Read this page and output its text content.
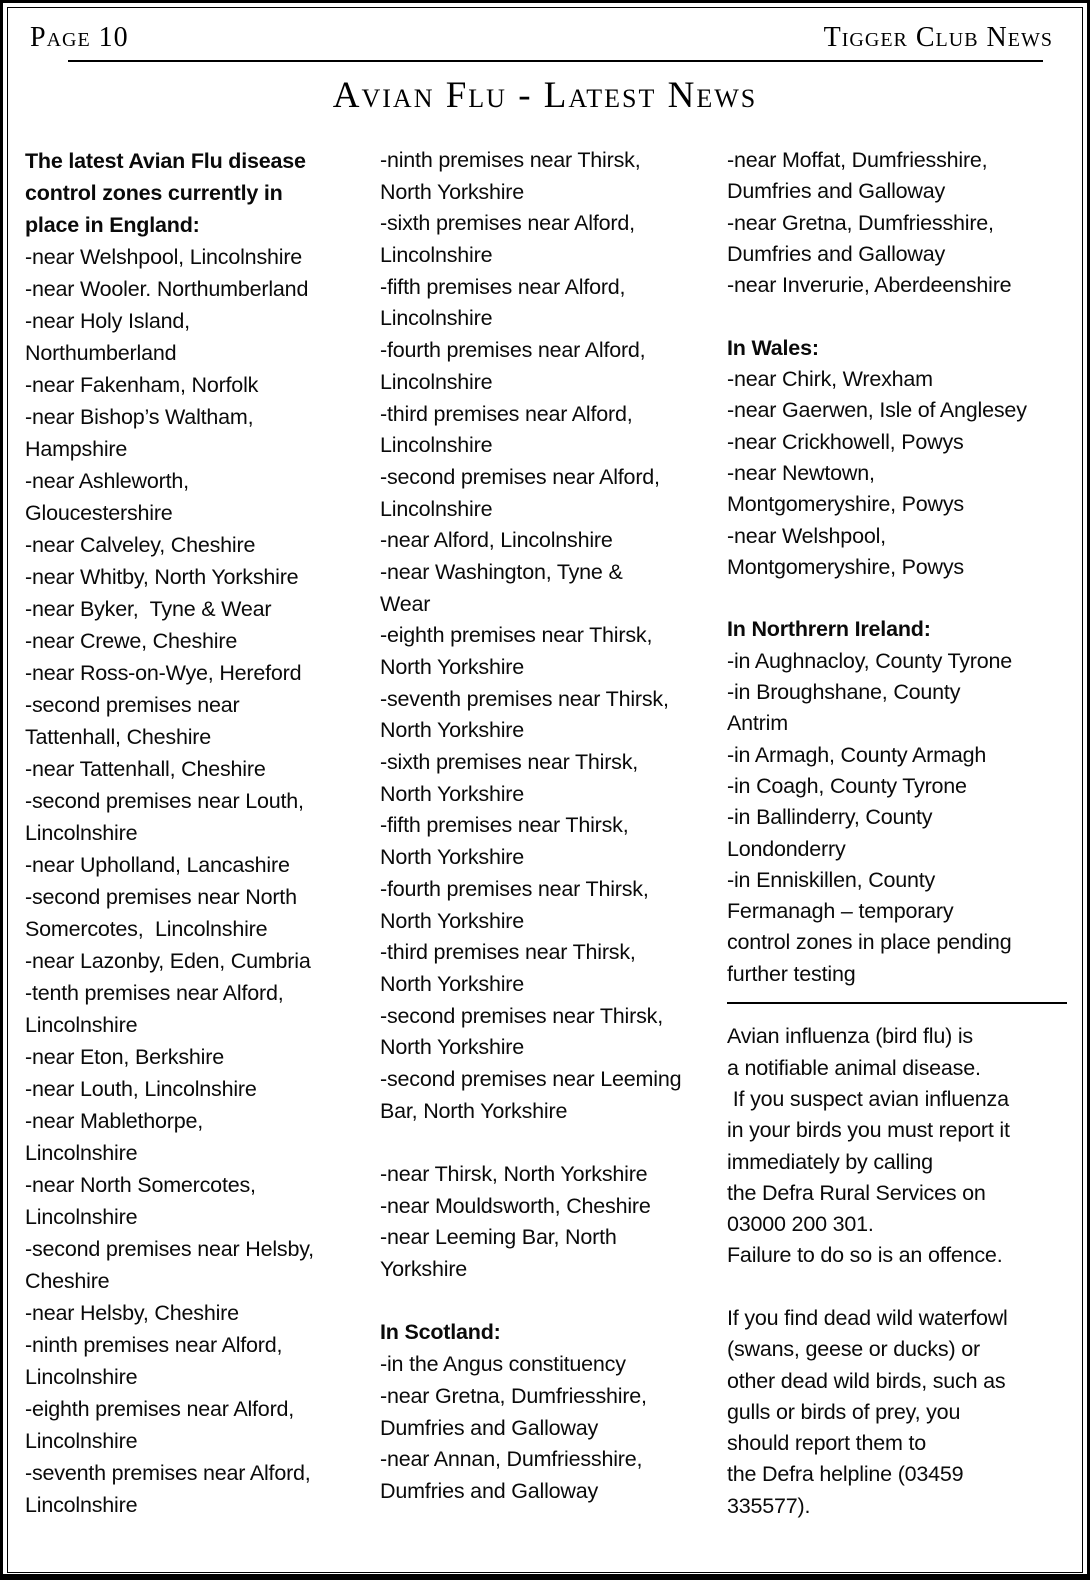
Page 10	Tigger Club News
Avian Flu - Latest News
The latest Avian Flu disease
control zones currently in
place in England:
-near Welshpool, Lincolnshire
-near Wooler. Northumberland
-near Holy Island,
Northumberland
-near Fakenham, Norfolk
-near Bishop’s Waltham,
Hampshire
-near Ashleworth,
Gloucestershire
-near Calveley, Cheshire
-near Whitby, North Yorkshire
-near Byker,  Tyne & Wear
-near Crewe, Cheshire
-near Ross-on-Wye, Hereford
-second premises near
Tattenhall, Cheshire
-near Tattenhall, Cheshire
-second premises near Louth,
Lincolnshire
-near Upholland, Lancashire
-second premises near North
Somercotes,  Lincolnshire
-near Lazonby, Eden, Cumbria
-tenth premises near Alford,
Lincolnshire
-near Eton, Berkshire
-near Louth, Lincolnshire
-near Mablethorpe,
Lincolnshire
-near North Somercotes,
Lincolnshire
-second premises near Helsby,
Cheshire
-near Helsby, Cheshire
-ninth premises near Alford,
Lincolnshire
-eighth premises near Alford,
Lincolnshire
-seventh premises near Alford,
Lincolnshire
-ninth premises near Thirsk,
North Yorkshire
-sixth premises near Alford,
Lincolnshire
-fifth premises near Alford,
Lincolnshire
-fourth premises near Alford,
Lincolnshire
-third premises near Alford,
Lincolnshire
-second premises near Alford,
Lincolnshire
-near Alford, Lincolnshire
-near Washington, Tyne &
Wear
-eighth premises near Thirsk,
North Yorkshire
-seventh premises near Thirsk,
North Yorkshire
-sixth premises near Thirsk,
North Yorkshire
-fifth premises near Thirsk,
North Yorkshire
-fourth premises near Thirsk,
North Yorkshire
-third premises near Thirsk,
North Yorkshire
-second premises near Thirsk,
North Yorkshire
-second premises near Leeming
Bar, North Yorkshire

-near Thirsk, North Yorkshire
-near Mouldsworth, Cheshire
-near Leeming Bar, North
Yorkshire

In Scotland:
-in the Angus constituency
-near Gretna, Dumfriesshire,
Dumfries and Galloway
-near Annan, Dumfriesshire,
Dumfries and Galloway
-near Moffat, Dumfriesshire,
Dumfries and Galloway
-near Gretna, Dumfriesshire,
Dumfries and Galloway
-near Inverurie, Aberdeenshire

In Wales:
-near Chirk, Wrexham
-near Gaerwen, Isle of Anglesey
-near Crickhowell, Powys
-near Newtown,
Montgomeryshire, Powys
-near Welshpool,
Montgomeryshire, Powys

In Northrern Ireland:
-in Aughnacloy, County Tyrone
-in Broughshane, County
Antrim
-in Armagh, County Armagh
-in Coagh, County Tyrone
-in Ballinderry, County
Londonderry
-in Enniskillen, County
Fermanagh – temporary
control zones in place pending
further testing
Avian influenza (bird flu) is
a notifiable animal disease.
If you suspect avian influenza
in your birds you must report it
immediately by calling
the Defra Rural Services on
03000 200 301.
Failure to do so is an offence.

If you find dead wild waterfowl
(swans, geese or ducks) or
other dead wild birds, such as
gulls or birds of prey, you
should report them to
the Defra helpline (03459
335577).
